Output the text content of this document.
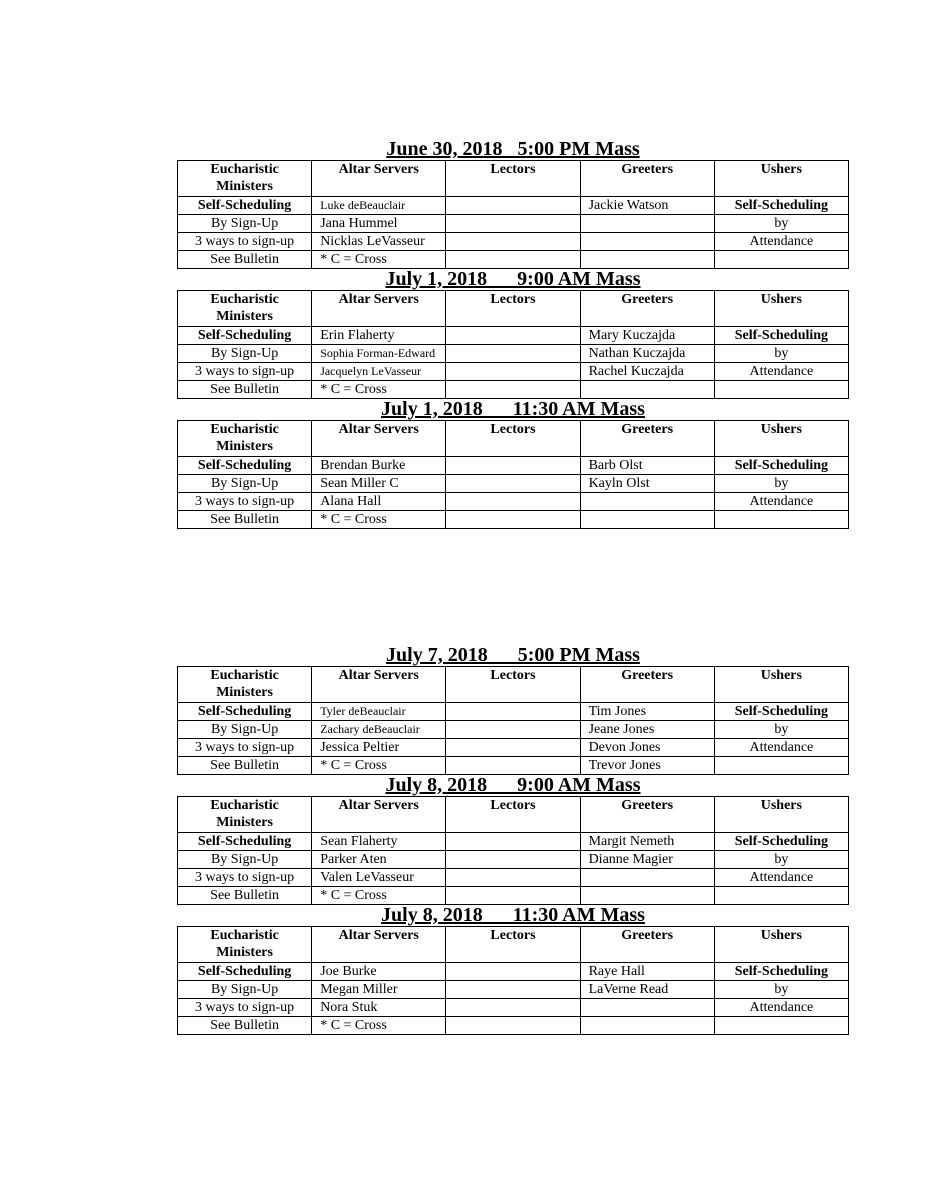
June 30, 2018   5:00 PM Mass
Eucharistic
Ministers	Altar Servers	Lectors	Greeters	Ushers
Self-Scheduling	Luke deBeauclair		Jackie Watson	Self-Scheduling
By Sign-Up	Jana Hummel			by
3 ways to sign-up	Nicklas LeVasseur			Attendance
See Bulletin	* C = Cross			
July 1, 2018      9:00 AM Mass
Eucharistic
Ministers	Altar Servers	Lectors	Greeters	Ushers
Self-Scheduling	Erin Flaherty		Mary Kuczajda	Self-Scheduling
By Sign-Up	Sophia Forman-Edward		Nathan Kuczajda	by
3 ways to sign-up	Jacquelyn LeVasseur		Rachel Kuczajda	Attendance
See Bulletin	* C = Cross			
July 1, 2018      11:30 AM Mass
Eucharistic
Ministers	Altar Servers	Lectors	Greeters	Ushers
Self-Scheduling	Brendan Burke		Barb Olst	Self-Scheduling
By Sign-Up	Sean Miller C		Kayln Olst	by
3 ways to sign-up	Alana Hall			Attendance
See Bulletin	* C = Cross			
July 7, 2018      5:00 PM Mass
Eucharistic
Ministers	Altar Servers	Lectors	Greeters	Ushers
Self-Scheduling	Tyler deBeauclair		Tim Jones	Self-Scheduling
By Sign-Up	Zachary deBeauclair		Jeane Jones	by
3 ways to sign-up	Jessica Peltier		Devon Jones	Attendance
See Bulletin	* C = Cross		Trevor Jones	
July 8, 2018      9:00 AM Mass
Eucharistic
Ministers	Altar Servers	Lectors	Greeters	Ushers
Self-Scheduling	Sean Flaherty		Margit Nemeth	Self-Scheduling
By Sign-Up	Parker Aten		Dianne Magier	by
3 ways to sign-up	Valen LeVasseur			Attendance
See Bulletin	* C = Cross			
July 8, 2018      11:30 AM Mass
Eucharistic
Ministers	Altar Servers	Lectors	Greeters	Ushers
Self-Scheduling	Joe Burke		Raye Hall	Self-Scheduling
By Sign-Up	Megan Miller		LaVerne Read	by
3 ways to sign-up	Nora Stuk			Attendance
See Bulletin	* C = Cross			
